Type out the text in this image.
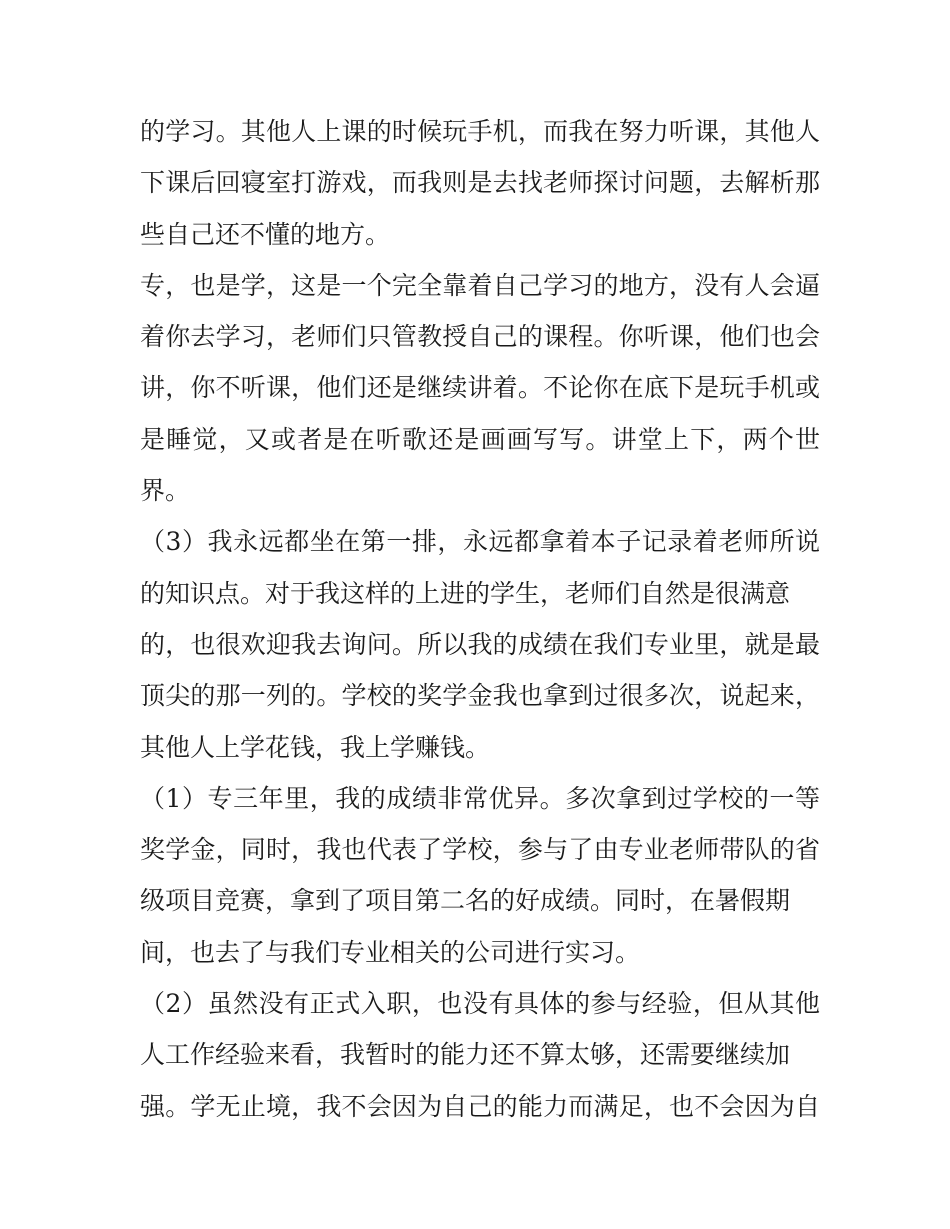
的学习。其他人上课的时候玩手机，而我在努力听课，其他人
下课后回寝室打游戏，而我则是去找老师探讨问题，去解析那
些自己还不懂的地方。
专，也是学，这是一个完全靠着自己学习的地方，没有人会逼
着你去学习，老师们只管教授自己的课程。你听课，他们也会
讲，你不听课，他们还是继续讲着。不论你在底下是玩手机或
是睡觉，又或者是在听歌还是画画写写。讲堂上下，两个世
界。
（3）我永远都坐在第一排，永远都拿着本子记录着老师所说
的知识点。对于我这样的上进的学生，老师们自然是很满意
的，也很欢迎我去询问。所以我的成绩在我们专业里，就是最
顶尖的那一列的。学校的奖学金我也拿到过很多次，说起来，
其他人上学花钱，我上学赚钱。
（1）专三年里，我的成绩非常优异。多次拿到过学校的一等
奖学金，同时，我也代表了学校，参与了由专业老师带队的省
级项目竞赛，拿到了项目第二名的好成绩。同时，在暑假期
间，也去了与我们专业相关的公司进行实习。
（2）虽然没有正式入职，也没有具体的参与经验，但从其他
人工作经验来看，我暂时的能力还不算太够，还需要继续加
强。学无止境，我不会因为自己的能力而满足，也不会因为自
